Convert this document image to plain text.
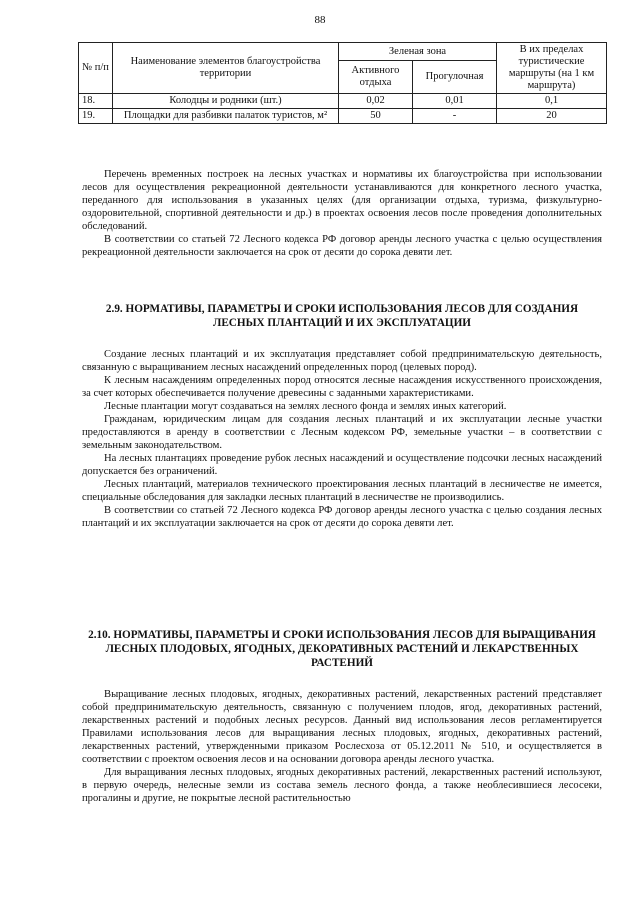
88
№ п/п	Наименование элементов благоустройства территории	Зеленая зона		В их пределах туристические маршруты (на 1 км маршрута)
		Активного отдыха	Прогулочная	
18.	Колодцы и родники (шт.)	0,02	0,01	0,1
19.	Площадки для разбивки палаток туристов, м²	50	-	20

Перечень временных построек на лесных участках и нормативы их благоустройства при использовании лесов для осуществления рекреационной деятельности устанавливаются для конкретного лесного участка, переданного для использования в указанных целях (для организации отдыха, туризма, физкультурно-оздоровительной, спортивной деятельности и др.) в проектах освоения лесов после проведения дополнительных обследований.

В соответствии со статьей 72 Лесного кодекса РФ договор аренды лесного участка с целью осуществления рекреационной деятельности заключается на срок от десяти до сорока девяти лет.

2.9. НОРМАТИВЫ, ПАРАМЕТРЫ И СРОКИ ИСПОЛЬЗОВАНИЯ ЛЕСОВ ДЛЯ СОЗДАНИЯ ЛЕСНЫХ ПЛАНТАЦИЙ И ИХ ЭКСПЛУАТАЦИИ

Создание лесных плантаций и их эксплуатация представляет собой предпринимательскую деятельность, связанную с выращиванием лесных насаждений определенных пород (целевых пород).

К лесным насаждениям определенных пород относятся лесные насаждения искусственного происхождения, за счет которых обеспечивается получение древесины с заданными характеристиками.

Лесные плантации могут создаваться на землях лесного фонда и землях иных категорий.

Гражданам, юридическим лицам для создания лесных плантаций и их эксплуатации лесные участки предоставляются в аренду в соответствии с Лесным кодексом РФ, земельные участки – в соответствии с земельным законодательством.

На лесных плантациях проведение рубок лесных насаждений и осуществление подсочки лесных насаждений допускается без ограничений.

Лесных плантаций, материалов технического проектирования лесных плантаций в лесничестве не имеется, специальные обследования для закладки лесных плантаций в лесничестве не производились.

В соответствии со статьей 72 Лесного кодекса РФ договор аренды лесного участка с целью создания лесных плантаций и их эксплуатации заключается на срок от десяти до сорока девяти лет.

2.10. НОРМАТИВЫ, ПАРАМЕТРЫ И СРОКИ ИСПОЛЬЗОВАНИЯ ЛЕСОВ ДЛЯ ВЫРАЩИВАНИЯ ЛЕСНЫХ ПЛОДОВЫХ, ЯГОДНЫХ, ДЕКОРАТИВНЫХ РАСТЕНИЙ И ЛЕКАРСТВЕННЫХ РАСТЕНИЙ

Выращивание лесных плодовых, ягодных, декоративных растений, лекарственных растений представляет собой предпринимательскую деятельность, связанную с получением плодов, ягод, декоративных растений, лекарственных растений и подобных лесных ресурсов. Данный вид использования лесов регламентируется Правилами использования лесов для выращивания лесных плодовых, ягодных, декоративных растений, лекарственных растений, утвержденными приказом Рослесхоза от 05.12.2011 № 510, и осуществляется в соответствии с проектом освоения лесов и на основании договора аренды лесного участка.

Для выращивания лесных плодовых, ягодных декоративных растений, лекарственных растений используют, в первую очередь, нелесные земли из состава земель лесного фонда, а также необлесившиеся лесосеки, прогалины и другие, не покрытые лесной растительностью
